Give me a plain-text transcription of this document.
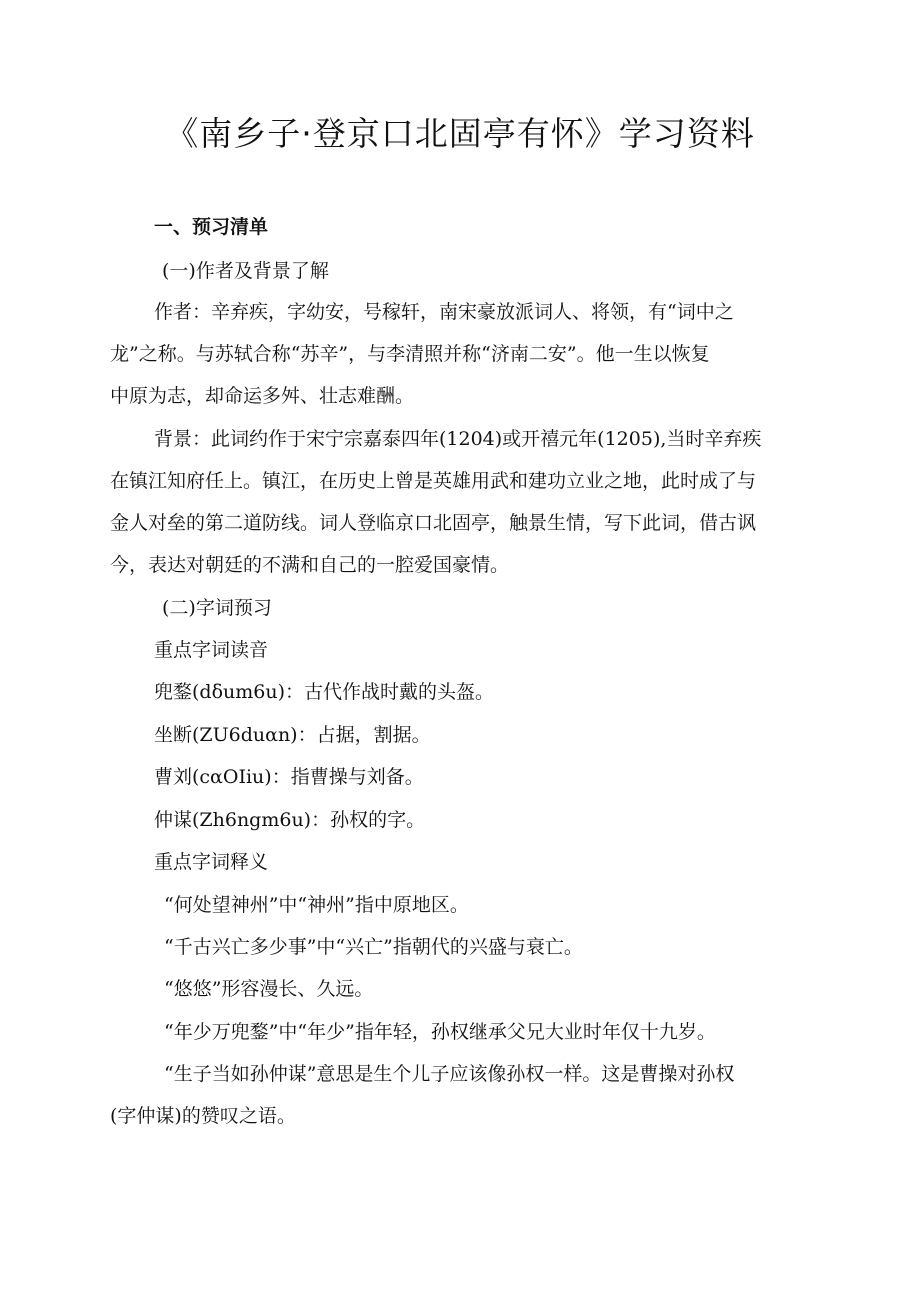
《南乡子·登京口北固亭有怀》学习资料
一、预习清单
(一)作者及背景了解
作者：辛弃疾，字幼安，号稼轩，南宋豪放派词人、将领，有“词中之
龙”之称。与苏轼合称“苏辛”，与李清照并称“济南二安”。他一生以恢复
中原为志，却命运多舛、壮志难酬。
背景：此词约作于宋宁宗嘉泰四年(1204)或开禧元年(1205),当时辛弃疾
在镇江知府任上。镇江，在历史上曾是英雄用武和建功立业之地，此时成了与
金人对垒的第二道防线。词人登临京口北固亭，触景生情，写下此词，借古讽
今，表达对朝廷的不满和自己的一腔爱国豪情。
(二)字词预习
重点字词读音
兜鍪(dδum6u)：古代作战时戴的头盔。
坐断(ZU6duαn)：占据，割据。
曹刘(cαOIiu)：指曹操与刘备。
仲谋(Zh6ngm6u)：孙权的字。
重点字词释义
“何处望神州”中“神州”指中原地区。
“千古兴亡多少事”中“兴亡”指朝代的兴盛与衰亡。
“悠悠”形容漫长、久远。
“年少万兜鍪”中“年少”指年轻，孙权继承父兄大业时年仅十九岁。
“生子当如孙仲谋”意思是生个儿子应该像孙权一样。这是曹操对孙权
(字仲谋)的赞叹之语。
